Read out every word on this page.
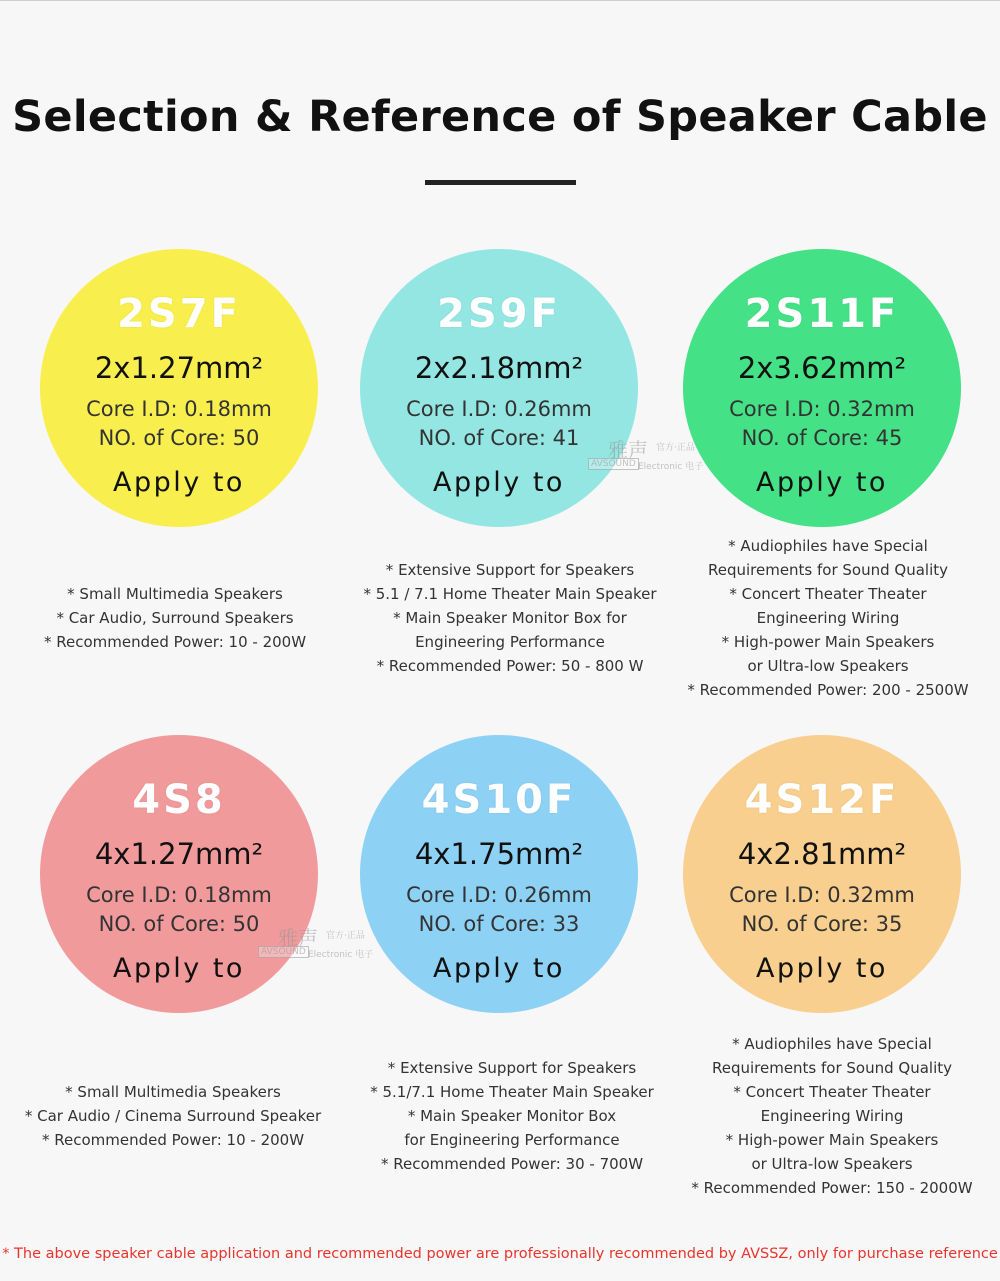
Selection & Reference of Speaker Cable
2S7F
2x1.27mm²
Core I.D: 0.18mm
NO. of Core: 50
Apply to
2S9F
2x2.18mm²
Core I.D: 0.26mm
NO. of Core: 41
Apply to
2S11F
2x3.62mm²
Core I.D: 0.32mm
NO. of Core: 45
Apply to
* Small Multimedia Speakers
* Car Audio, Surround Speakers
* Recommended Power: 10 - 200W
* Extensive Support for Speakers
* 5.1 / 7.1 Home Theater Main Speaker
* Main Speaker Monitor Box for
Engineering Performance
* Recommended Power: 50 - 800 W
* Audiophiles have Special
Requirements for Sound Quality
* Concert Theater Theater
Engineering Wiring
* High-power Main Speakers
or Ultra-low Speakers
* Recommended Power: 200 - 2500W
4S8
4x1.27mm²
Core I.D: 0.18mm
NO. of Core: 50
Apply to
4S10F
4x1.75mm²
Core I.D: 0.26mm
NO. of Core: 33
Apply to
4S12F
4x2.81mm²
Core I.D: 0.32mm
NO. of Core: 35
Apply to
* Small Multimedia Speakers
* Car Audio / Cinema Surround Speaker
* Recommended Power: 10 - 200W
* Extensive Support for Speakers
* 5.1/7.1 Home Theater Main Speaker
* Main Speaker Monitor Box
for Engineering Performance
* Recommended Power: 30 - 700W
* Audiophiles have Special
Requirements for Sound Quality
* Concert Theater Theater
Engineering Wiring
* High-power Main Speakers
or Ultra-low Speakers
* Recommended Power: 150 - 2000W
雅声 官方·正品
AVSOUND Electronic 电子
雅声 官方·正品
AVSOUND Electronic 电子
* The above speaker cable application and recommended power are professionally recommended by AVSSZ, only for purchase reference
